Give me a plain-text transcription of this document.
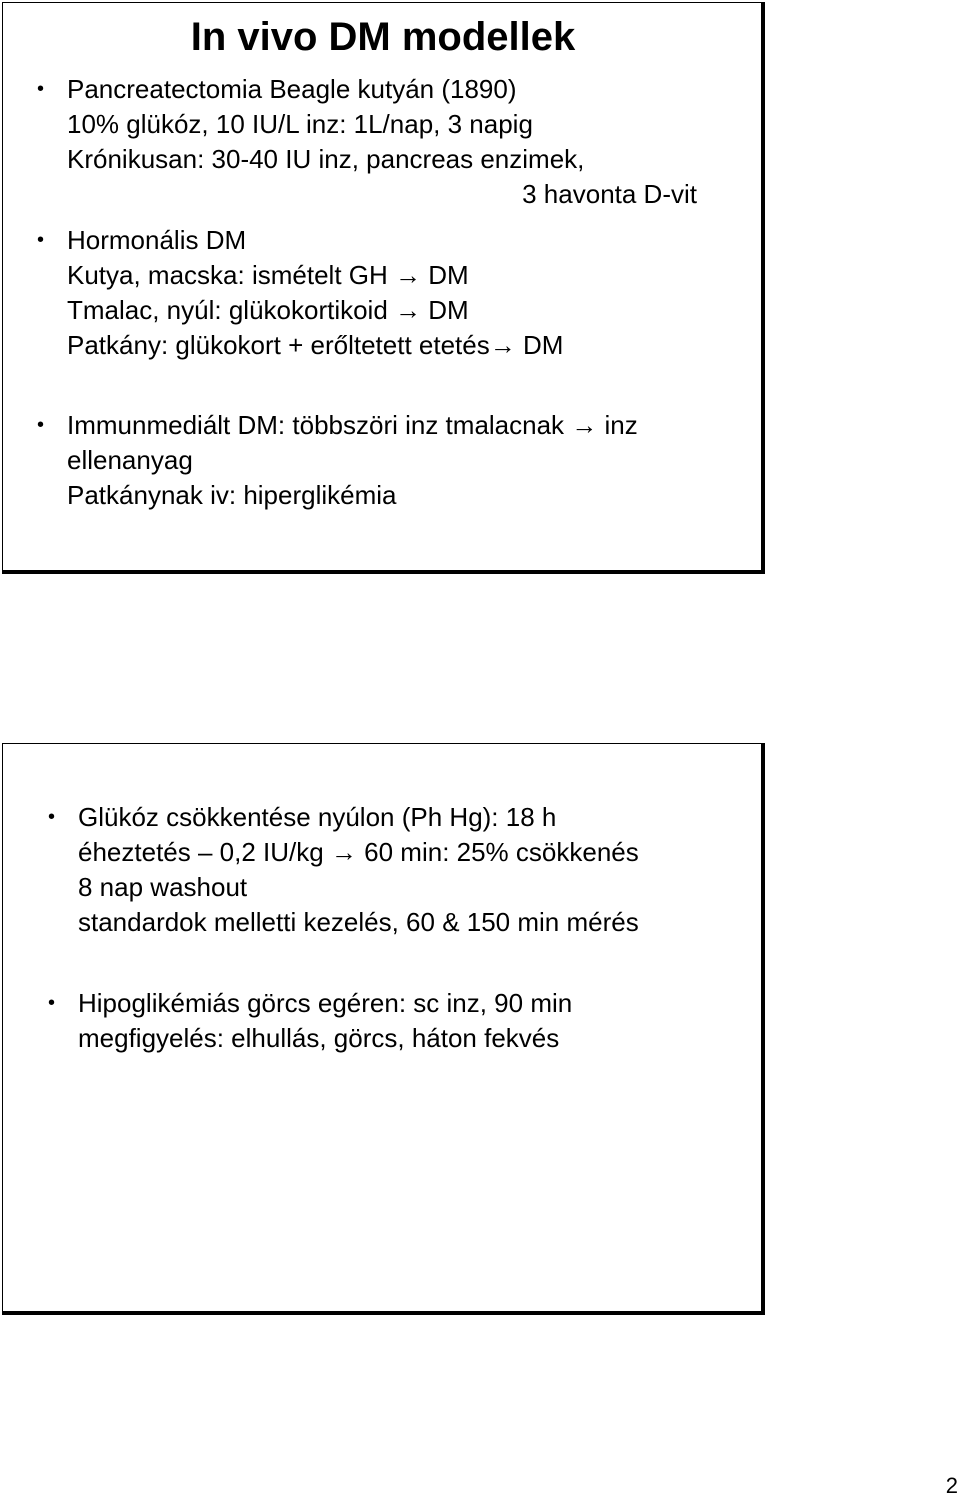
In vivo DM modellek
• Pancreatectomia Beagle kutyán (1890)
10% glükóz, 10 IU/L inz: 1L/nap, 3 napig
Krónikusan: 30-40 IU inz, pancreas enzimek,
3 havonta D-vit
• Hormonális DM
Kutya, macska: ismételt GH → DM
Tmalac, nyúl: glükokortikoid → DM
Patkány: glükokort + erőltetett etetés→ DM
• Immunmediált DM: többszöri inz tmalacnak → inz
ellenanyag
Patkánynak iv: hiperglikémia
• Glükóz csökkentése nyúlon (Ph Hg): 18 h
éheztetés – 0,2 IU/kg → 60 min: 25% csökkenés
8 nap washout
standardok melletti kezelés, 60 & 150 min mérés
• Hipoglikémiás görcs egéren: sc inz, 90 min
megfigyelés: elhullás, görcs, háton fekvés
2
